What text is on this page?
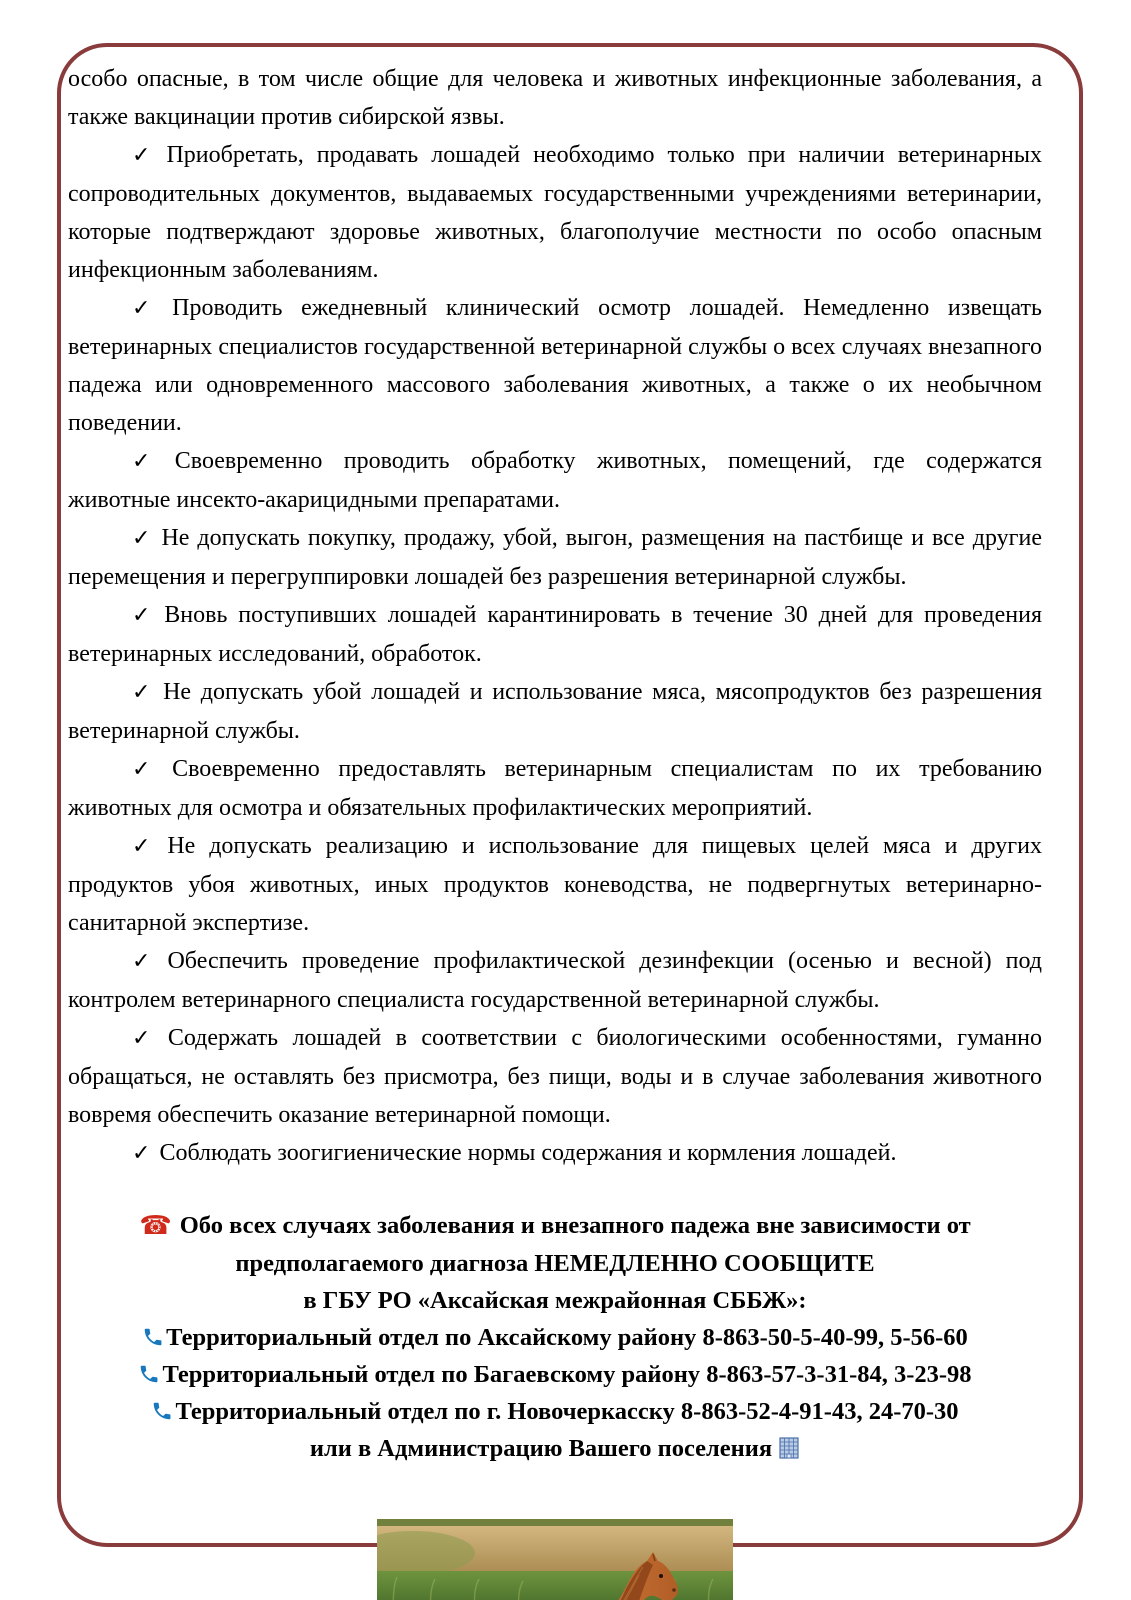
особо опасные, в том числе общие для человека и животных инфекционные заболевания, а также вакцинации против сибирской язвы.

✓ Приобретать, продавать лошадей необходимо только при наличии ветеринарных сопроводительных документов, выдаваемых государственными учреждениями ветеринарии, которые подтверждают здоровье животных, благополучие местности по особо опасным инфекционным заболеваниям.

✓ Проводить ежедневный клинический осмотр лошадей. Немедленно извещать ветеринарных специалистов государственной ветеринарной службы о всех случаях внезапного падежа или одновременного массового заболевания животных, а также о их необычном поведении.

✓ Своевременно проводить обработку животных, помещений, где содержатся животные инсекто-акарицидными препаратами.

✓ Не допускать покупку, продажу, убой, выгон, размещения на пастбище и все другие перемещения и перегруппировки лошадей без разрешения ветеринарной службы.

✓ Вновь поступивших лошадей карантинировать в течение 30 дней для проведения ветеринарных исследований, обработок.

✓ Не допускать убой лошадей и использование мяса, мясопродуктов без разрешения ветеринарной службы.

✓ Своевременно предоставлять ветеринарным специалистам по их требованию животных для осмотра и обязательных профилактических мероприятий.

✓ Не допускать реализацию и использование для пищевых целей мяса и других продуктов убоя животных, иных продуктов коневодства, не подвергнутых ветеринарно-санитарной экспертизе.

✓ Обеспечить проведение профилактической дезинфекции (осенью и весной) под контролем ветеринарного специалиста государственной ветеринарной службы.

✓ Содержать лошадей в соответствии с биологическими особенностями, гуманно обращаться, не оставлять без присмотра, без пищи, воды и в случае заболевания животного вовремя обеспечить оказание ветеринарной помощи.

✓ Соблюдать зоогигиенические нормы содержания и кормления лошадей.

☎ Обо всех случаях заболевания и внезапного падежа вне зависимости от
предполагаемого диагноза НЕМЕДЛЕННО СООБЩИТЕ
в ГБУ РО «Аксайская межрайонная СББЖ»:
Территориальный отдел по Аксайскому району 8-863-50-5-40-99, 5-56-60
Территориальный отдел по Багаевскому району 8-863-57-3-31-84, 3-23-98
Территориальный отдел по г. Новочеркасску 8-863-52-4-91-43, 24-70-30
или в Администрацию Вашего поселения
